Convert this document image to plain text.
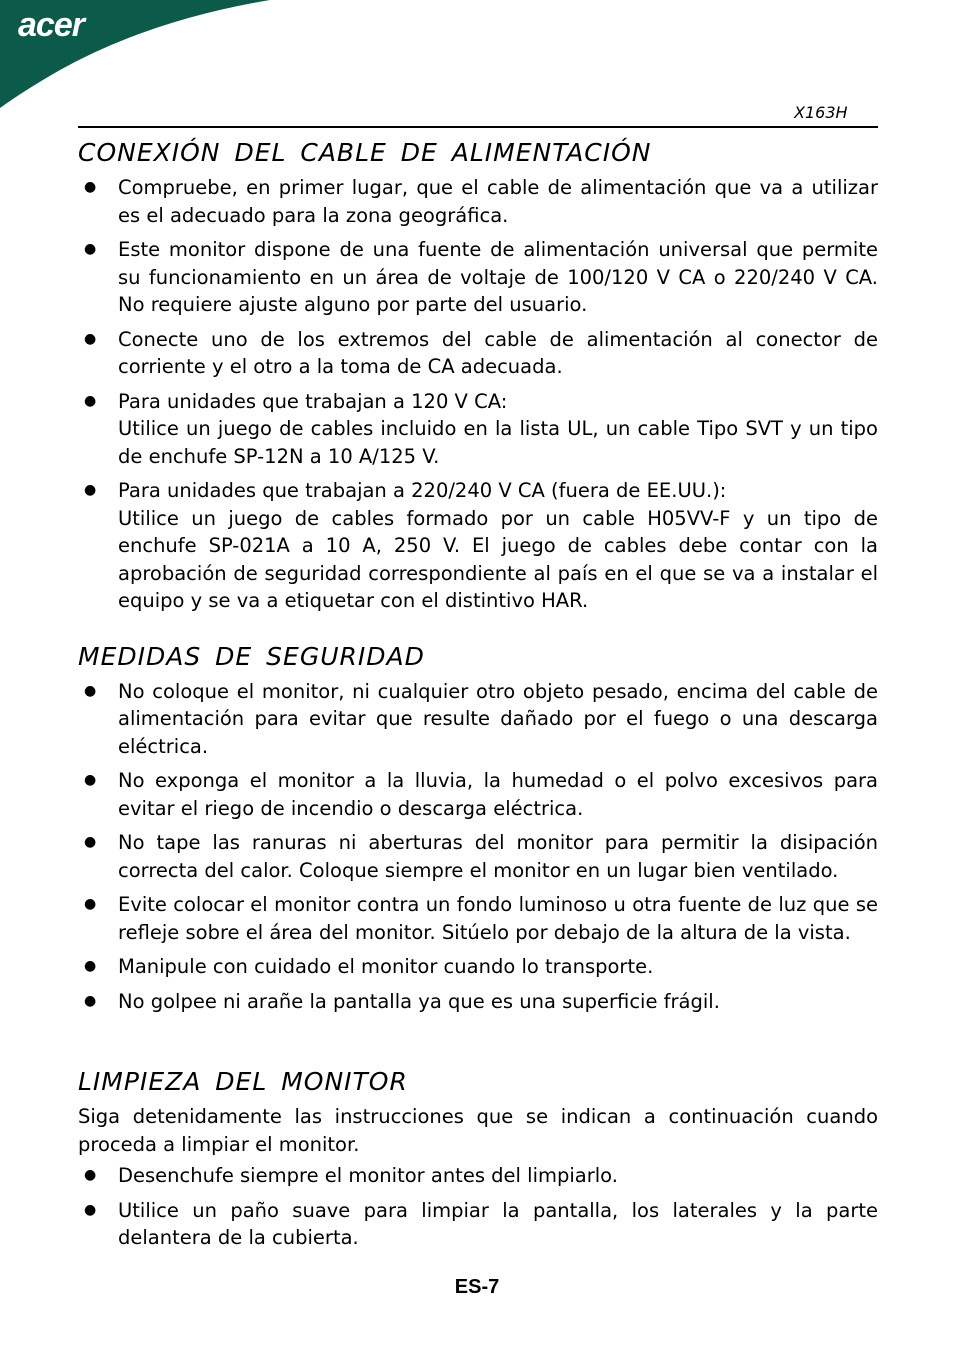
acer
X163H
CONEXIÓN DEL CABLE DE ALIMENTACIÓN
● Compruebe, en primer lugar, que el cable de alimentación que va a utilizar es el adecuado para la zona geográfica.
● Este monitor dispone de una fuente de alimentación universal que permite su funcionamiento en un área de voltaje de 100/120 V CA o 220/240 V CA. No requiere ajuste alguno por parte del usuario.
● Conecte uno de los extremos del cable de alimentación al conector de corriente y el otro a la toma de CA adecuada.
● Para unidades que trabajan a 120 V CA:
Utilice un juego de cables incluido en la lista UL, un cable Tipo SVT y un tipo de enchufe SP-12N a 10 A/125 V.
● Para unidades que trabajan a 220/240 V CA (fuera de EE.UU.):
Utilice un juego de cables formado por un cable H05VV-F y un tipo de enchufe SP-021A a 10 A, 250 V. El juego de cables debe contar con la aprobación de seguridad correspondiente al país en el que se va a instalar el equipo y se va a etiquetar con el distintivo HAR.
MEDIDAS DE SEGURIDAD
● No coloque el monitor, ni cualquier otro objeto pesado, encima del cable de alimentación para evitar que resulte dañado por el fuego o una descarga eléctrica.
● No exponga el monitor a la lluvia, la humedad o el polvo excesivos para evitar el riego de incendio o descarga eléctrica.
● No tape las ranuras ni aberturas del monitor para permitir la disipación correcta del calor. Coloque siempre el monitor en un lugar bien ventilado.
● Evite colocar el monitor contra un fondo luminoso u otra fuente de luz que se refleje sobre el área del monitor. Sitúelo por debajo de la altura de la vista.
● Manipule con cuidado el monitor cuando lo transporte.
● No golpee ni arañe la pantalla ya que es una superficie frágil.
LIMPIEZA DEL MONITOR

Siga detenidamente las instrucciones que se indican a continuación cuando proceda a limpiar el monitor.

● Desenchufe siempre el monitor antes del limpiarlo.
● Utilice un paño suave para limpiar la pantalla, los laterales y la parte delantera de la cubierta.
ES-7
